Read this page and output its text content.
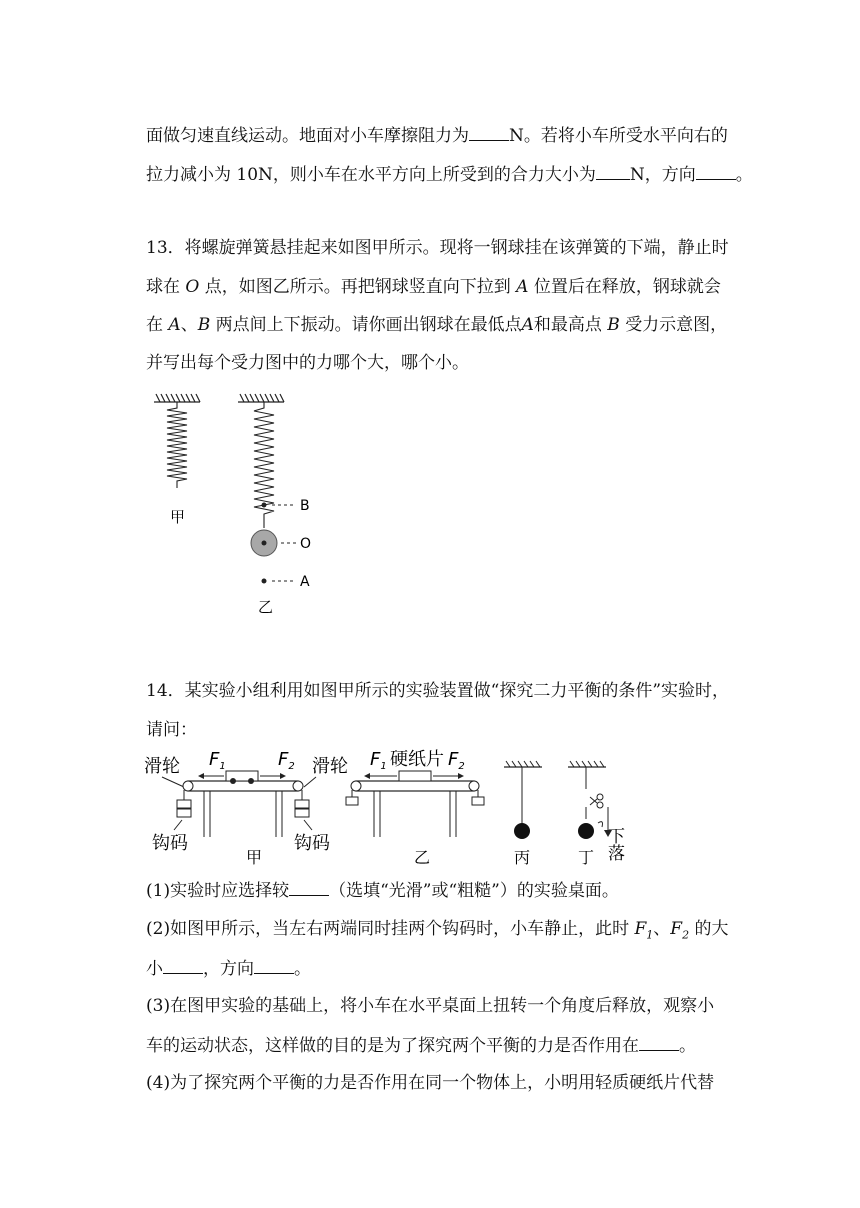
面做匀速直线运动。地面对小车摩擦阻力为 N。若将小车所受水平向右的
拉力减小为 10N，则小车在水平方向上所受到的合力大小为 N，方向 。
13．将螺旋弹簧悬挂起来如图甲所示。现将一钢球挂在该弹簧的下端，静止时
球在 O 点，如图乙所示。再把钢球竖直向下拉到 A 位置后在释放，钢球就会
在 A、B 两点间上下振动。请你画出钢球在最低点A和最高点 B 受力示意图，
并写出每个受力图中的力哪个大，哪个小。
甲
B
O
A
乙
14．某实验小组利用如图甲所示的实验装置做“探究二力平衡的条件”实验时，
请问：
滑轮 $F_1$	$F_2$ 滑轮
钩码	钩码
甲
$F_1$ 硬纸片 $F_2$
乙	丙	下落
丁
(1)实验时应选择较 （选填“光滑”或“粗糙”）的实验桌面。
(2)如图甲所示，当左右两端同时挂两个钩码时，小车静止，此时 $F_1$、$F_2$ 的大
小 ，方向 。
(3)在图甲实验的基础上，将小车在水平桌面上扭转一个角度后释放，观察小
车的运动状态，这样做的目的是为了探究两个平衡的力是否作用在 。
(4)为了探究两个平衡的力是否作用在同一个物体上，小明用轻质硬纸片代替
